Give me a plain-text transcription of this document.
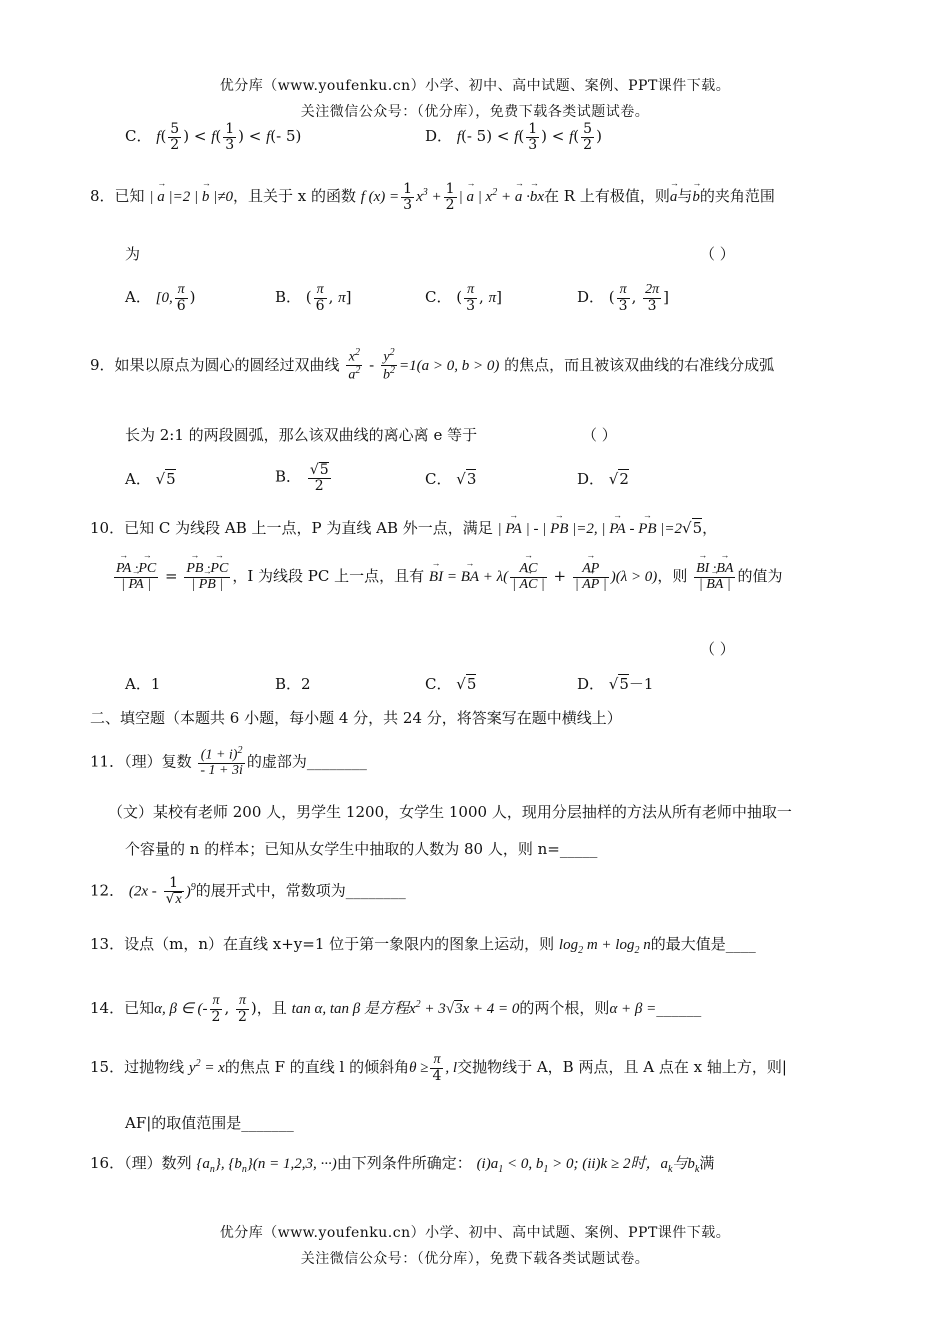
优分库（www.youfenku.cn）小学、初中、高中试题、案例、PPT课件下载。
关注微信公众号：（优分库），免费下载各类试题试卷。
C． $f( \frac{5}{2}$ ) < $f( \frac{1}{3}$ ) < f(- 5)	D． f(- $5) < f( \frac{1}{3}$ ) < $f( \frac{5}{2}$ )
8．已知 | → a |=2 | → b |≠0，且关于 x 的函数 f $(x) = \frac{1}{3} x^3 + \frac{1}{2}$ | → a | $x^2$ + → a ·→ bx在 R 上有极值，则→ a与→ b的夹角范围
为	（ ）
A． [0, $\frac{\pi}{6}$ )	B． ( $\frac{\pi}{6}$ , π]	C． ( $\frac{\pi}{3}$ , π]	D． ( $\frac{\pi}{3}$ , $\frac{2\pi}{3}$ ]
9．如果以原点为圆心的圆经过双曲线 $\frac{x^2}{a^2} - \frac{y^2}{b^2} =1(a > 0$, b > 0) 的焦点，而且被该双曲线的右准线分成弧
长为 2:1 的两段圆弧，那么该双曲线的离心离 e 等于	（ ）
A． √5	B． $\frac{√5}{2}$	C． √3	D． √2
10．已知 C 为线段 AB 上一点，P 为直线 AB 外一点，满足 | → PA | - | → PB |=2, | → PA - → PB |=2√5，
→ $\frac{PA \cdot\to PC}{| \to PA |}$ =
→ $\frac{PB \cdot\to PC}{| \to PB |}$ ，I 为线段 PC 上一点，且有 → BI = → BA + λ(
→ $\frac{AC}{| \to AC |}$ +
→ $\frac{AP}{| \to AP |} )(\lambda > 0)$，则
→ $\frac{BI \cdot\to BA}{| \to BA |}$ 的值为
（ ）
A．1	B．2	C． √5	D． √5－1
二、填空题（本题共 6 小题，每小题 4 分，共 24 分，将答案写在题中横线上）
11．（理）复数 $\frac{(1 + i)^2}{- 1 + 3i}$ 的虚部为________
（文）某校有老师 200 人，男学生 1200，女学生 1000 人，现用分层抽样的方法从所有老师中抽取一
个容量的 n 的样本；已知从女学生中抽取的人数为 80 人，则 n=_____
12． $(2x - \frac{1}{√x} )^9$的展开式中，常数项为________
13．设点（m，n）在直线 x+y=1 位于第一象限内的图象上运动，则 $\log_2 m + \log_2 n$的最大值是____
14．已知α, β ∈ (- $\frac{\pi}{2}$ , $\frac{\pi}{2}$ )，且 tan α, tan β 是方程$x^2 + 3√3x + 4 = 0$的两个根，则α + β =______
15．过抛物线 $y^2 = x$的焦点 F 的直线 l 的倾斜角$\theta \ge \frac{\pi}{4}$ , l交抛物线于 A，B 两点，且 A 点在 x 轴上方，则|
AF|的取值范围是_______
16．（理）数列 $\{a_n\}$, $\{b_n\}(n = 1,2,3$, ···)由下列条件所确定： $(i)a_1 < 0$, $b_1 > 0$; (ii)k ≥ 2时，$a_k$与$b_k$满
优分库（www.youfenku.cn）小学、初中、高中试题、案例、PPT课件下载。
关注微信公众号：（优分库），免费下载各类试题试卷。
